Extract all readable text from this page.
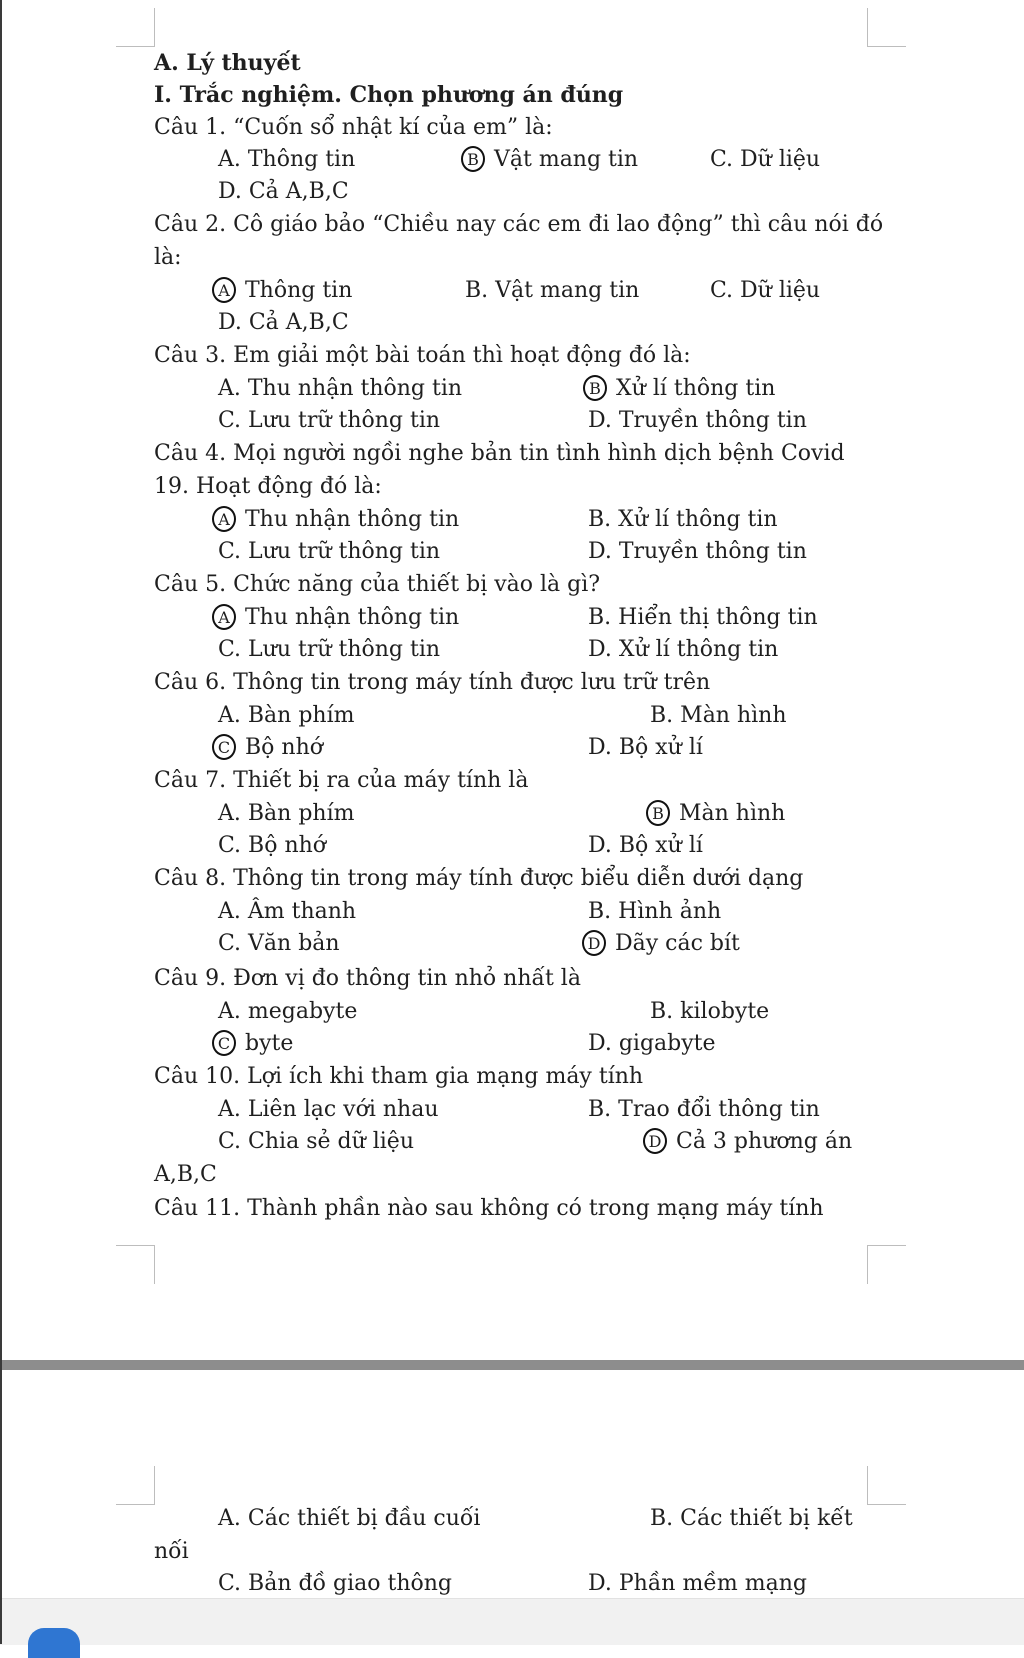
A. Lý thuyết
I. Trắc nghiệm. Chọn phương án đúng
Câu 1. “Cuốn sổ nhật kí của em” là:
A. Thông tin	B Vật mang tin	C. Dữ liệu
D. Cả A,B,C
Câu 2. Cô giáo bảo “Chiều nay các em đi lao động” thì câu nói đó
là:
A Thông tin	B. Vật mang tin	C. Dữ liệu
D. Cả A,B,C
Câu 3. Em giải một bài toán thì hoạt động đó là:
A. Thu nhận thông tin	B Xử lí thông tin
C. Lưu trữ thông tin	D. Truyền thông tin
Câu 4. Mọi người ngồi nghe bản tin tình hình dịch bệnh Covid
19. Hoạt động đó là:
A Thu nhận thông tin	B. Xử lí thông tin
C. Lưu trữ thông tin	D. Truyền thông tin
Câu 5. Chức năng của thiết bị vào là gì?
A Thu nhận thông tin	B. Hiển thị thông tin
C. Lưu trữ thông tin	D. Xử lí thông tin
Câu 6. Thông tin trong máy tính được lưu trữ trên
A. Bàn phím	B. Màn hình
C Bộ nhớ	D. Bộ xử lí
Câu 7. Thiết bị ra của máy tính là
A. Bàn phím	B Màn hình
C. Bộ nhớ	D. Bộ xử lí
Câu 8. Thông tin trong máy tính được biểu diễn dưới dạng
A. Âm thanh	B. Hình ảnh
C. Văn bản	D Dãy các bít
Câu 9. Đơn vị đo thông tin nhỏ nhất là
A. megabyte	B. kilobyte
C byte	D. gigabyte
Câu 10. Lợi ích khi tham gia mạng máy tính
A. Liên lạc với nhau	B. Trao đổi thông tin
C. Chia sẻ dữ liệu	D Cả 3 phương án
A,B,C
Câu 11. Thành phần nào sau không có trong mạng máy tính
A. Các thiết bị đầu cuối	B. Các thiết bị kết
nối
C. Bản đồ giao thông	D. Phần mềm mạng
